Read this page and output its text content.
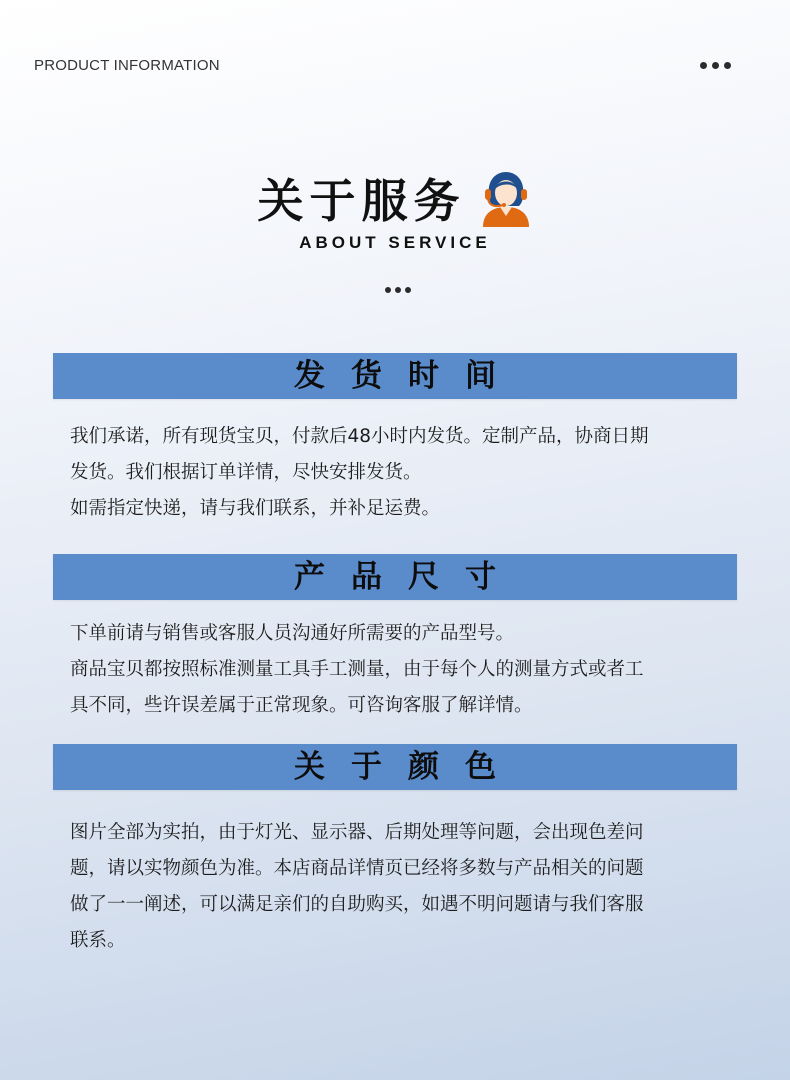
PRODUCT INFORMATION
关于服务
ABOUT SERVICE
发货时间

我们承诺，所有现货宝贝，付款后48小时内发货。定制产品，协商日期

发货。我们根据订单详情，尽快安排发货。

如需指定快递，请与我们联系，并补足运费。

产品尺寸

下单前请与销售或客服人员沟通好所需要的产品型号。

商品宝贝都按照标准测量工具手工测量，由于每个人的测量方式或者工

具不同，些许误差属于正常现象。可咨询客服了解详情。

关于颜色

图片全部为实拍，由于灯光、显示器、后期处理等问题，会出现色差问

题，请以实物颜色为准。本店商品详情页已经将多数与产品相关的问题

做了一一阐述，可以满足亲们的自助购买，如遇不明问题请与我们客服

联系。
